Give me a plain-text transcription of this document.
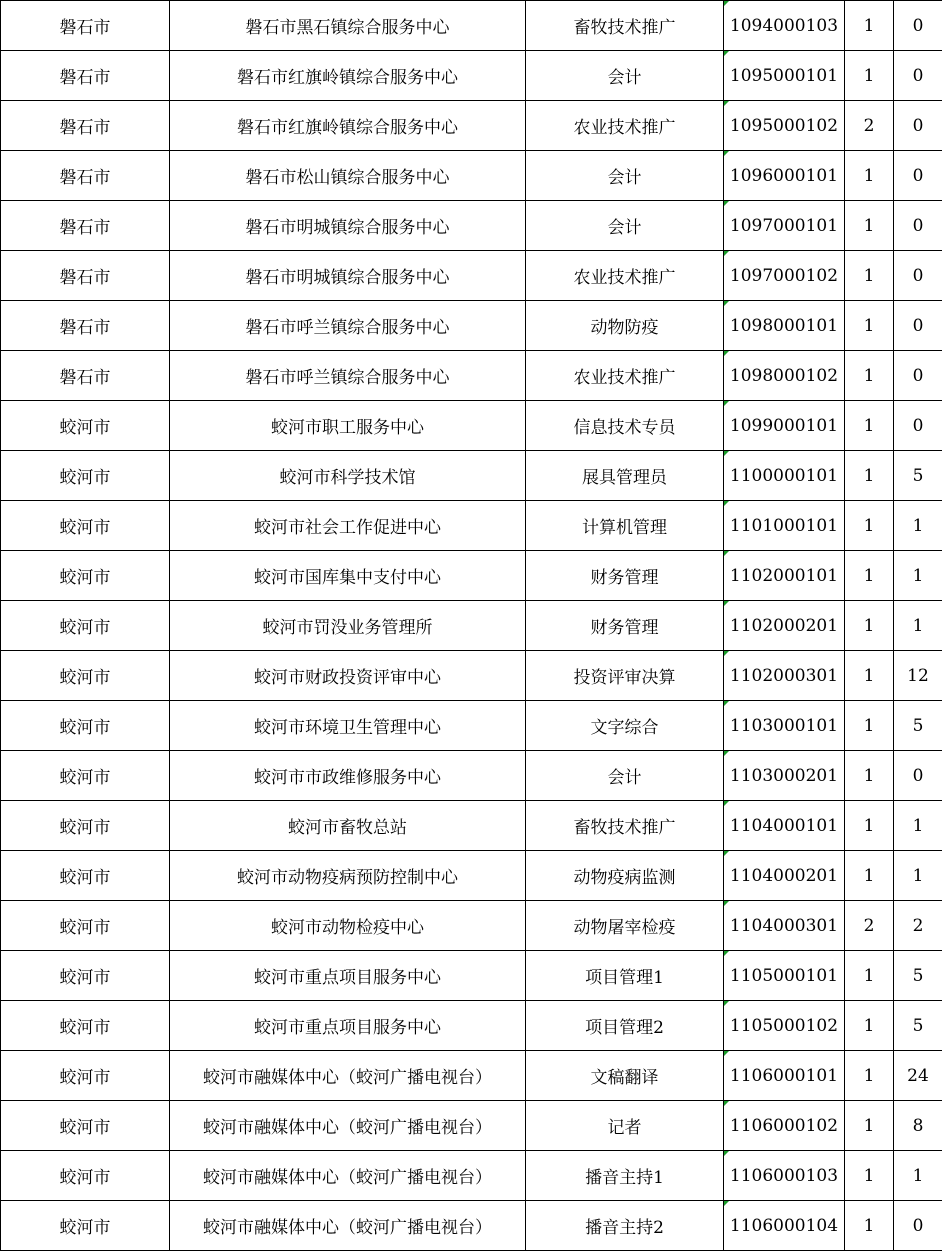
磐石市	磐石市黑石镇综合服务中心	畜牧技术推广	1094000103	1	0
磐石市	磐石市红旗岭镇综合服务中心	会计	1095000101	1	0
磐石市	磐石市红旗岭镇综合服务中心	农业技术推广	1095000102	2	0
磐石市	磐石市松山镇综合服务中心	会计	1096000101	1	0
磐石市	磐石市明城镇综合服务中心	会计	1097000101	1	0
磐石市	磐石市明城镇综合服务中心	农业技术推广	1097000102	1	0
磐石市	磐石市呼兰镇综合服务中心	动物防疫	1098000101	1	0
磐石市	磐石市呼兰镇综合服务中心	农业技术推广	1098000102	1	0
蛟河市	蛟河市职工服务中心	信息技术专员	1099000101	1	0
蛟河市	蛟河市科学技术馆	展具管理员	1100000101	1	5
蛟河市	蛟河市社会工作促进中心	计算机管理	1101000101	1	1
蛟河市	蛟河市国库集中支付中心	财务管理	1102000101	1	1
蛟河市	蛟河市罚没业务管理所	财务管理	1102000201	1	1
蛟河市	蛟河市财政投资评审中心	投资评审决算	1102000301	1	12
蛟河市	蛟河市环境卫生管理中心	文字综合	1103000101	1	5
蛟河市	蛟河市市政维修服务中心	会计	1103000201	1	0
蛟河市	蛟河市畜牧总站	畜牧技术推广	1104000101	1	1
蛟河市	蛟河市动物疫病预防控制中心	动物疫病监测	1104000201	1	1
蛟河市	蛟河市动物检疫中心	动物屠宰检疫	1104000301	2	2
蛟河市	蛟河市重点项目服务中心	项目管理1	1105000101	1	5
蛟河市	蛟河市重点项目服务中心	项目管理2	1105000102	1	5
蛟河市	蛟河市融媒体中心（蛟河广播电视台）	文稿翻译	1106000101	1	24
蛟河市	蛟河市融媒体中心（蛟河广播电视台）	记者	1106000102	1	8
蛟河市	蛟河市融媒体中心（蛟河广播电视台）	播音主持1	1106000103	1	1
蛟河市	蛟河市融媒体中心（蛟河广播电视台）	播音主持2	1106000104	1	0
